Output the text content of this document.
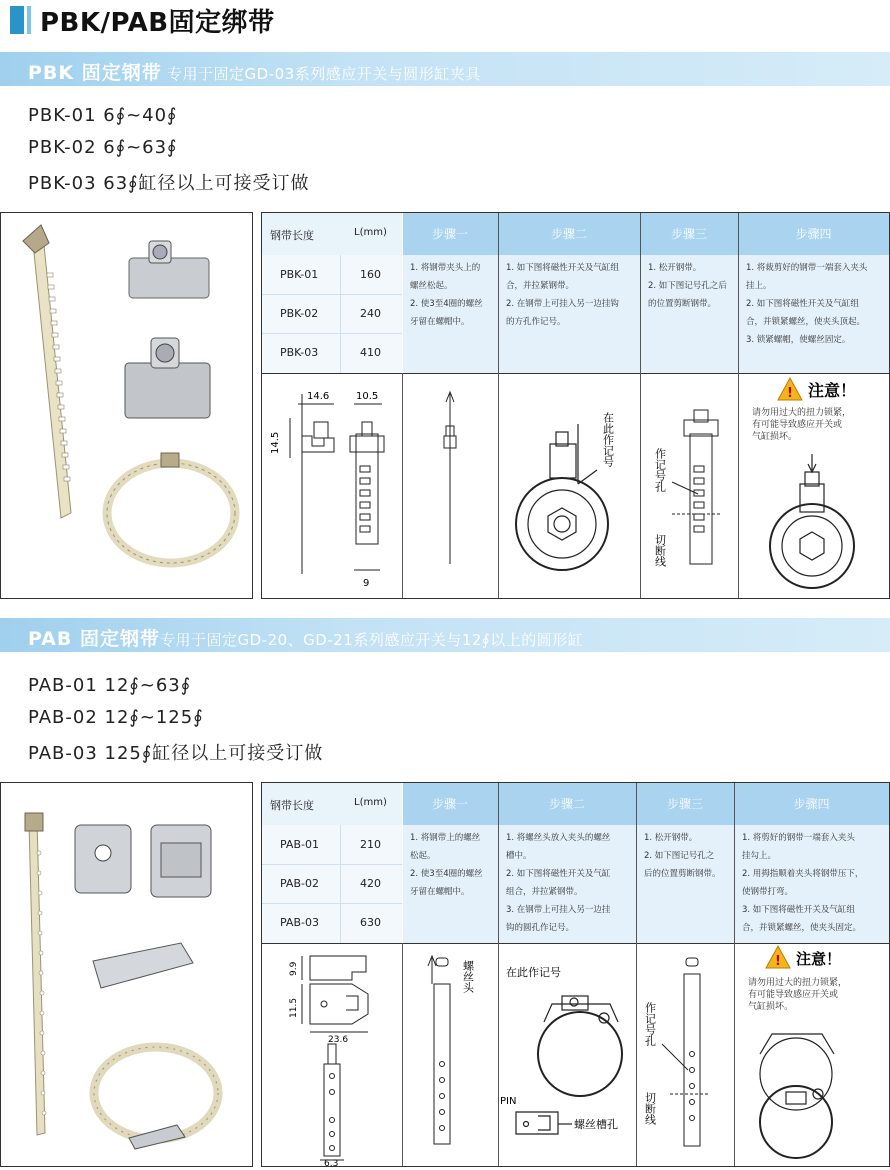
PBK/PAB固定绑带
PBK 固定钢带 专用于固定GD-03系列感应开关与圆形缸夹具
PBK-01 6∮~40∮
PBK-02 6∮~63∮
PBK-03 63∮缸径以上可接受订做
钢带长度	L(mm)	步骤一	步骤二	步骤三	步骤四
PBK-01	160
PBK-02	240
PBK-03	410
1. 将钢带夹头上的
螺丝松起。
2. 使3至4圈的螺丝
牙留在螺帽中。
1. 如下图将磁性开关及气缸组
合，并拉紧钢带。
2. 在钢带上可挂入另一边挂钩
的方孔作记号。
1. 松开钢带。
2. 如下图记号孔之后
的位置剪断钢带。
1. 将裁剪好的钢带一端套入夹头
挂上。
2. 如下图将磁性开关及气缸组
合，并锁紧螺丝，使夹头顶起。
3. 锁紧螺帽，使螺丝固定。
14.6	10.5
14.5
9
在此作记号
作记号孔
切断线
! 注意！
请勿用过大的扭力锁紧，
有可能导致感应开关或
气缸损坏。
PAB 固定钢带专用于固定GD-20、GD-21系列感应开关与12∮以上的圆形缸
PAB-01 12∮~63∮
PAB-02 12∮~125∮
PAB-03 125∮缸径以上可接受订做
钢带长度	L(mm)	步骤一	步骤二	步骤三	步骤四
PAB-01	210
PAB-02	420
PAB-03	630
1. 将钢带上的螺丝
松起。
2. 使3至4圈的螺丝
牙留在螺帽中。
1. 将螺丝头放入夹头的螺丝
槽中。
2. 如下图将磁性开关及气缸
组合，并拉紧钢带。
3. 在钢带上可挂入另一边挂
钩的圆孔作记号。
1. 松开钢带。
2. 如下图记号孔之
后的位置剪断钢带。
1. 将剪好的钢带一端套入夹头
挂勾上。
2. 用拇指顺着夹头将钢带压下，
使钢带打弯。
3. 如下图将磁性开关及气缸组
合，并锁紧螺丝，使夹头固定。
9.9
11.5
23.6
6.3
螺丝头	在此作记号
PIN
螺丝槽孔
作记号孔
切断线
! 注意！
请勿用过大的扭力锁紧，
有可能导致感应开关或
气缸损坏。
